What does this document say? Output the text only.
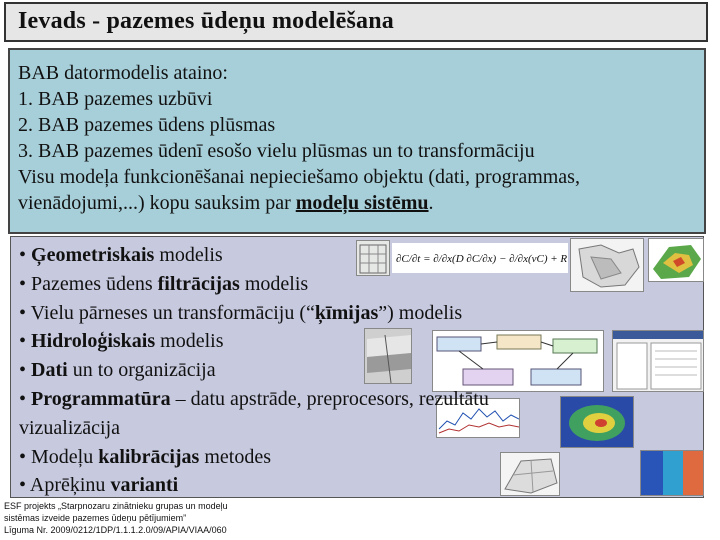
Ievads - pazemes ūdeņu modelēšana
BAB datormodelis ataino:
1. BAB pazemes uzbūvi
2. BAB pazemes ūdens plūsmas
3. BAB pazemes ūdenī esošo vielu plūsmas un to transformāciju
Visu modeļa funkcionēšanai nepieciešamo objektu (dati, programmas,
vienādojumi,...) kopu sauksim par modeļu sistēmu.
• Ģeometriskais modelis
• Pazemes ūdens filtrācijas modelis
• Vielu pārneses un transformāciju (“ķīmijas”) modelis
• Hidroloģiskais modelis
• Dati un to organizācija
• Programmatūra – datu apstrāde, preprocesors, rezultātu
vizualizācija
• Modeļu kalibrācijas metodes
• Aprēķinu varianti
∂C/∂t = ∂/∂x(D ∂C/∂x) − ∂/∂x(vC) + R
ESF projekts „Starpnozaru zinātnieku grupas un modeļu
sistēmas izveide pazemes ūdeņu pētījumiem”
Līguma Nr. 2009/0212/1DP/1.1.1.2.0/09/APIA/VIAA/060
